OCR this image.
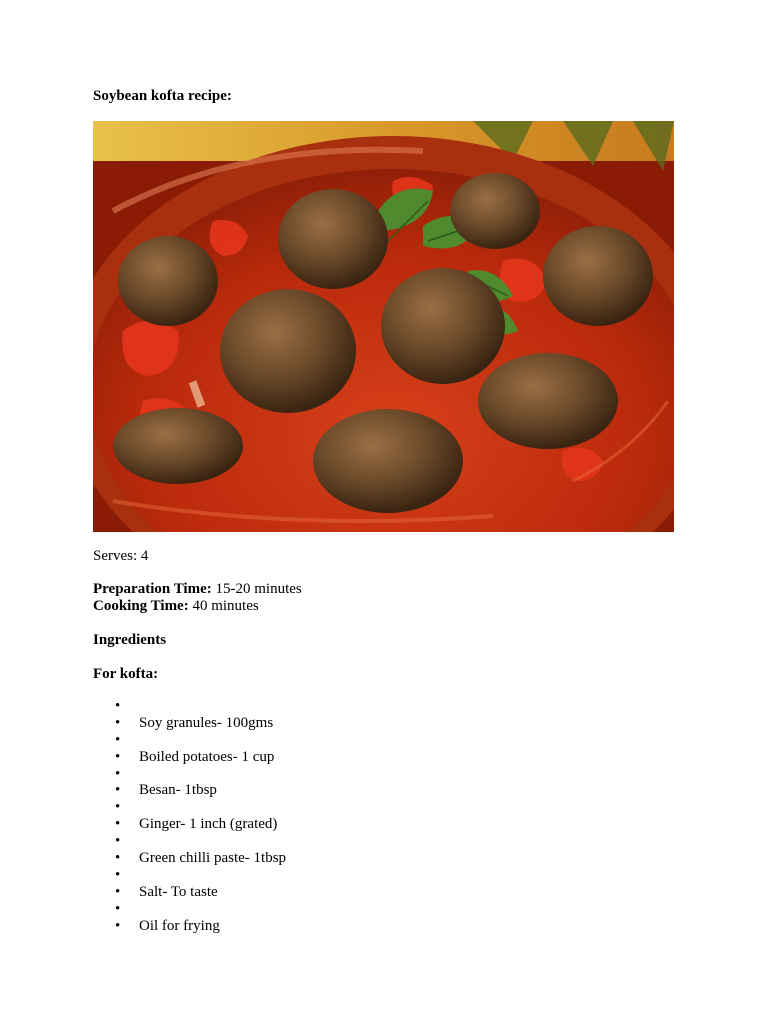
Soybean kofta recipe:
Serves: 4
Preparation Time: 15-20 minutes
Cooking Time: 40 minutes
Ingredients
For kofta:
•
• Soy granules- 100gms
•
• Boiled potatoes- 1 cup
•
• Besan- 1tbsp
•
• Ginger- 1 inch (grated)
•
• Green chilli paste- 1tbsp
•
• Salt- To taste
•
• Oil for frying
